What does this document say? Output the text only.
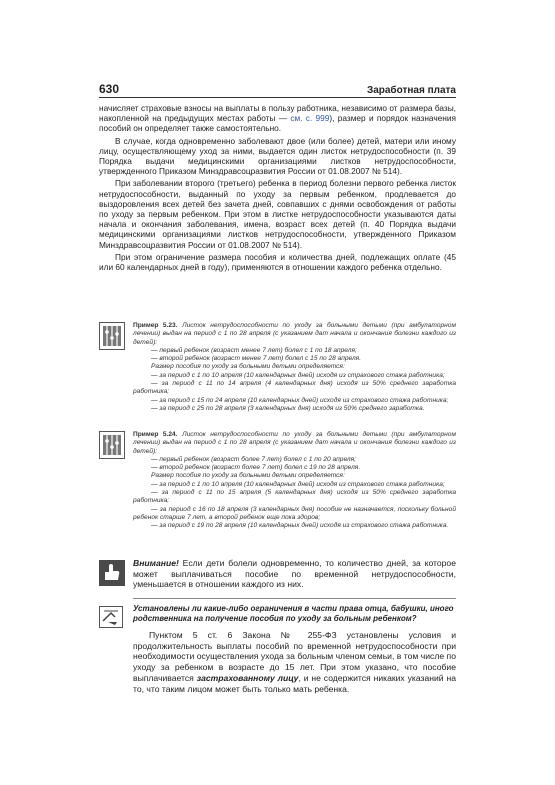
630	Заработная плата

начисляет страховые взносы на выплаты в пользу работника, независимо от размера базы, накопленной на предыдущих местах работы — см. с. 999), размер и порядок назначения пособий он определяет также самостоятельно.

В случае, когда одновременно заболевают двое (или более) детей, матери или иному лицу, осуществляющему уход за ними, выдается один листок нетрудоспособности (п. 39 Порядка выдачи медицинскими организациями листков нетрудоспособности, утвержденного Приказом Минздравсоцразвития России от 01.08.2007 № 514).

При заболевании второго (третьего) ребенка в период болезни первого ребенка листок нетрудоспособности, выданный по уходу за первым ребенком, продлевается до выздоровления всех детей без зачета дней, совпавших с днями освобождения от работы по уходу за первым ребенком. При этом в листке нетрудоспособности указываются даты начала и окончания заболевания, имена, возраст всех детей (п. 40 Порядка выдачи медицинскими организациями листков нетрудоспособности, утвержденного Приказом Минздравсоцразвития России от 01.08.2007 № 514).

При этом ограничение размера пособия и количества дней, подлежащих оплате (45 или 60 календарных дней в году), применяются в отношении каждого ребенка отдельно.

Пример 5.23. Листок нетрудоспособности по уходу за больными детьми (при амбулаторном лечении) выдан на период с 1 по 28 апреля (с указанием дат начала и окончания болезни каждого из детей):

— первый ребенок (возраст менее 7 лет) болел с 1 по 18 апреля;

— второй ребенок (возраст менее 7 лет) болел с 15 по 28 апреля.

Размер пособия по уходу за больными детьми определяется:

— за период с 1 по 10 апреля (10 календарных дней) исходя из страхового стажа работника;

— за период с 11 по 14 апреля (4 календарных дня) исходя из 50% среднего заработка работника;

— за период с 15 по 24 апреля (10 календарных дней) исходя из страхового стажа работника;

— за период с 25 по 28 апреля (3 календарных дня) исходя из 50% среднего заработка.

Пример 5.24. Листок нетрудоспособности по уходу за больными детьми (при амбулаторном лечении) выдан на период с 1 по 28 апреля (с указанием дат начала и окончания болезни каждого из детей):

— первый ребенок (возраст более 7 лет) болел с 1 по 20 апреля;

— второй ребенок (возраст более 7 лет) болел с 19 по 28 апреля.

Размер пособия по уходу за больными детьми определяется:

— за период с 1 по 10 апреля (10 календарных дней) исходя из страхового стажа работника;

— за период с 11 по 15 апреля (5 календарных дня) исходя из 50% среднего заработка работника;

— за период с 16 по 18 апреля (3 календарных дня) пособие не назначается, поскольку больной ребенок старше 7 лет, а второй ребенок еще пока здоров;

— за период с 19 по 28 апреля (10 календарных дней) исходя из страхового стажа работника.

Внимание! Если дети болели одновременно, то количество дней, за которое может выплачиваться пособие по временной нетрудоспособности, уменьшается в отношении каждого из них.

Установлены ли какие-либо ограничения в части права отца, бабушки, иного родственника на получение пособия по уходу за больным ребенком?

Пунктом 5 ст. 6 Закона № 255-ФЗ установлены условия и продолжительность выплаты пособий по временной нетрудоспособности при необходимости осуществления ухода за больным членом семьи, в том числе по уходу за ребенком в возрасте до 15 лет. При этом указано, что пособие выплачивается застрахованному лицу, и не содержится никаких указаний на то, что таким лицом может быть только мать ребенка.
